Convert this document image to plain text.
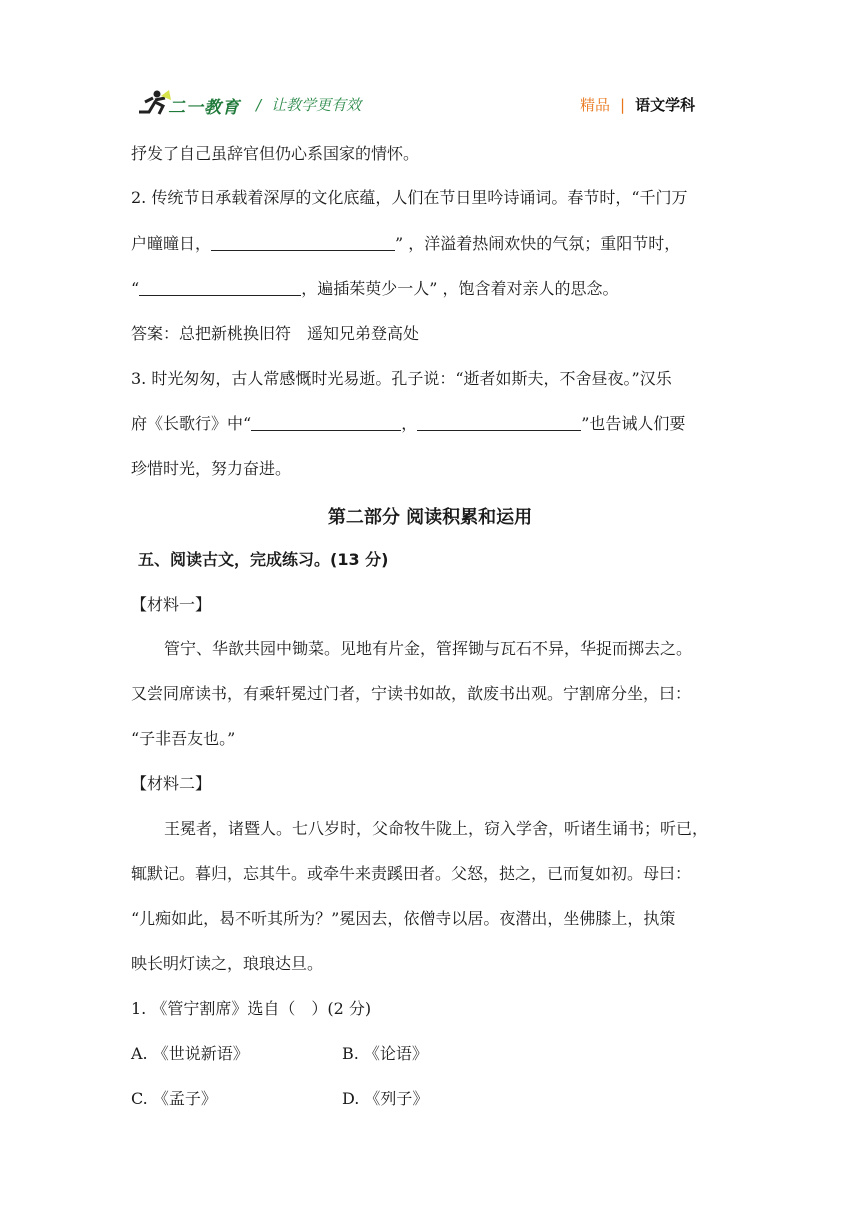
二一教育 / 让教学更有效	精品 | 语文学科
抒发了自己虽辞官但仍心系国家的情怀。
2. 传统节日承载着深厚的文化底蕴，人们在节日里吟诗诵词。春节时，“千门万
户曈曈日，	” ，洋溢着热闹欢快的气氛；重阳节时，
“	，遍插茱萸少一人” ，饱含着对亲人的思念。
答案：总把新桃换旧符　遥知兄弟登高处
3. 时光匆匆，古人常感慨时光易逝。孔子说：“逝者如斯夫，不舍昼夜。”汉乐
府《长歌行》中“	，	”也告诫人们要
珍惜时光，努力奋进。
第二部分 阅读积累和运用
五、阅读古文，完成练习。(13 分)
【材料一】
管宁、华歆共园中锄菜。见地有片金，管挥锄与瓦石不异，华捉而掷去之。
又尝同席读书，有乘轩冕过门者，宁读书如故，歆废书出观。宁割席分坐，曰：
“子非吾友也。”
【材料二】
王冕者，诸暨人。七八岁时，父命牧牛陇上，窃入学舍，听诸生诵书；听已，
辄默记。暮归，忘其牛。或牵牛来责蹊田者。父怒，挞之，已而复如初。母曰：
“儿痴如此，曷不听其所为？”冕因去，依僧寺以居。夜潜出，坐佛膝上，执策
映长明灯读之，琅琅达旦。
1. 《管宁割席》选自（　）(2 分)
A. 《世说新语》	B. 《论语》
C. 《孟子》	D. 《列子》
